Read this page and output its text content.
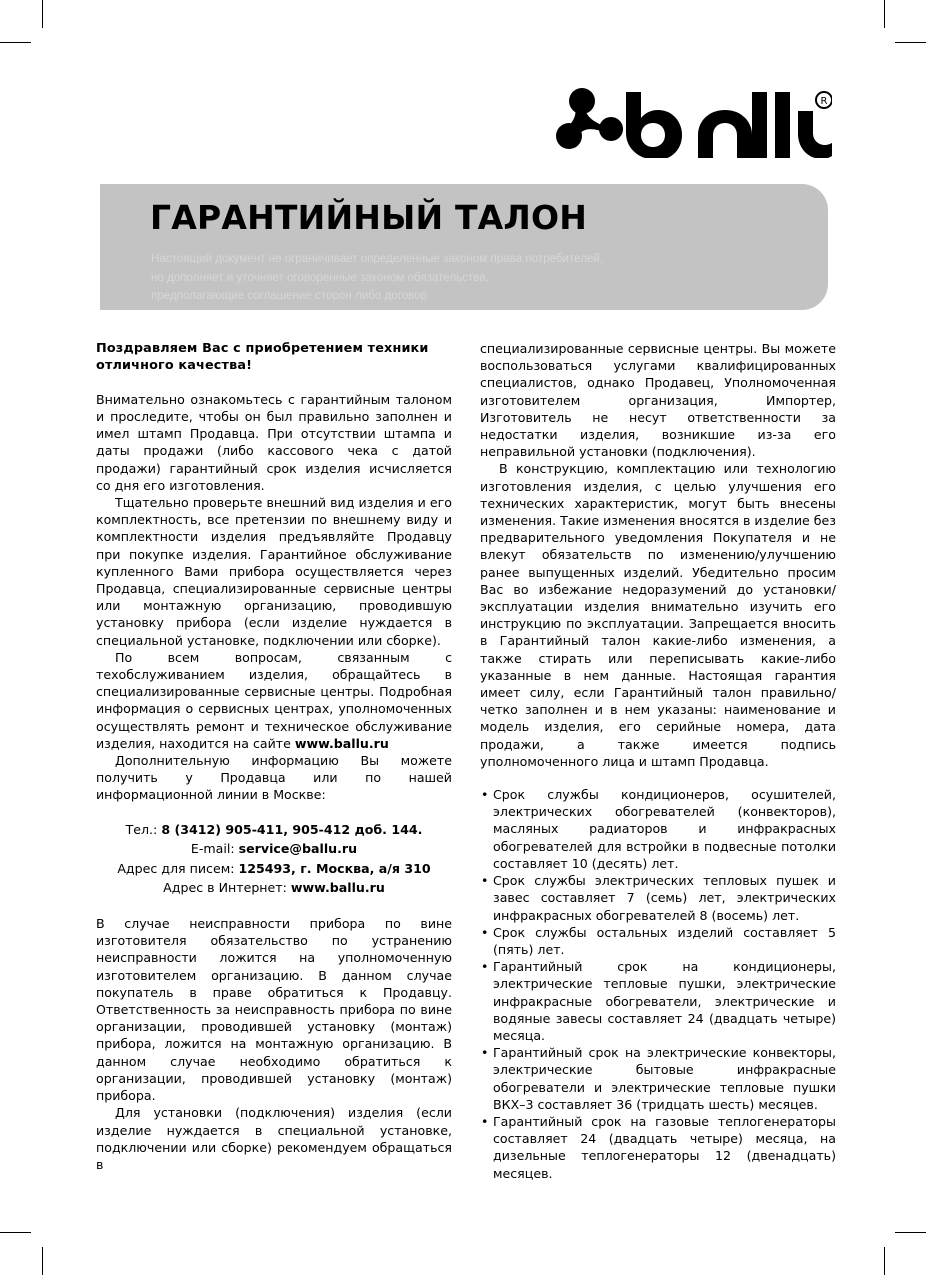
R
ГАРАНТИЙНЫЙ ТАЛОН
Настоящий документ не ограничивает определенные законом права потребителей,
но дополняет и уточняет оговоренные законом обязательства,
предполагающие соглашение сторон либо договор
Поздравляем Вас с приобретением техники отличного качества!

Внимательно ознакомьтесь с гарантийным талоном и проследите, чтобы он был правильно заполнен и имел штамп Продавца. При отсутствии штампа и даты продажи (либо кассового чека с датой продажи) гарантийный срок изделия исчисляется со дня его изготовления.

Тщательно проверьте внешний вид изделия и его комплектность, все претензии по внешнему виду и комплектности изделия предъявляйте Продавцу при покупке изделия. Гарантийное обслуживание купленного Вами прибора осуществляется через Продавца, специализированные сервисные центры или монтажную организацию, проводившую установку прибора (если изделие нуждается в специальной установке, подключении или сборке).

По всем вопросам, связанным с техобслуживанием изделия, обращайтесь в специализированные сервисные центры. Подробная информация о сервисных центрах, уполномоченных осуществлять ремонт и техническое обслуживание изделия, находится на сайте www.ballu.ru

Дополнительную информацию Вы можете получить у Продавца или по нашей информационной линии в Москве:

Тел.: 8 (3412) 905-411, 905-412 доб. 144.
E-mail: service@ballu.ru
Адрес для писем: 125493, г. Москва, а/я 310
Адрес в Интернет: www.ballu.ru

В случае неисправности прибора по вине изготовителя обязательство по устранению неисправности ложится на уполномоченную изготовителем организацию. В данном случае покупатель в праве обратиться к Продавцу. Ответственность за неисправность прибора по вине организации, проводившей установку (монтаж) прибора, ложится на монтажную организацию. В данном случае необходимо обратиться к организации, проводившей установку (монтаж) прибора.

Для установки (подключения) изделия (если изделие нуждается в специальной установке, подключении или сборке) рекомендуем обращаться в

специализированные сервисные центры. Вы можете воспользоваться услугами квалифицированных специалистов, однако Продавец, Уполномоченная изготовителем организация, Импортер, Изготовитель не несут ответственности за недостатки изделия, возникшие из-за его неправильной установки (подключения).

В конструкцию, комплектацию или технологию изготовления изделия, с целью улучшения его технических характеристик, могут быть внесены изменения. Такие изменения вносятся в изделие без предварительного уведомления Покупателя и не влекут обязательств по изменению/улучшению ранее выпущенных изделий. Убедительно просим Вас во избежание недоразумений до установки/эксплуатации изделия внимательно изучить его инструкцию по эксплуатации. Запрещается вносить в Гарантийный талон какие-либо изменения, а также стирать или переписывать какие-либо указанные в нем данные. Настоящая гарантия имеет силу, если Гарантийный талон правильно/четко заполнен и в нем указаны: наименование и модель изделия, его серийные номера, дата продажи, а также имеется подпись уполномоченного лица и штамп Продавца.

• Срок службы кондиционеров, осушителей, электрических обогревателей (конвекторов), масляных радиаторов и инфракрасных обогревателей для встройки в подвесные потолки составляет 10 (десять) лет.
• Срок службы электрических тепловых пушек и завес составляет 7 (семь) лет, электрических инфракрасных обогревателей 8 (восемь) лет.
• Срок службы остальных изделий составляет 5 (пять) лет.
• Гарантийный срок на кондиционеры, электрические тепловые пушки, электрические инфракрасные обогреватели, электрические и водяные завесы составляет 24 (двадцать четыре) месяца.
• Гарантийный срок на электрические конвекторы, электрические бытовые инфракрасные обогреватели и электрические тепловые пушки ВКХ–3 составляет 36 (тридцать шесть) месяцев.
• Гарантийный срок на газовые теплогенераторы составляет 24 (двадцать четыре) месяца, на дизельные теплогенераторы 12 (двенадцать) месяцев.
